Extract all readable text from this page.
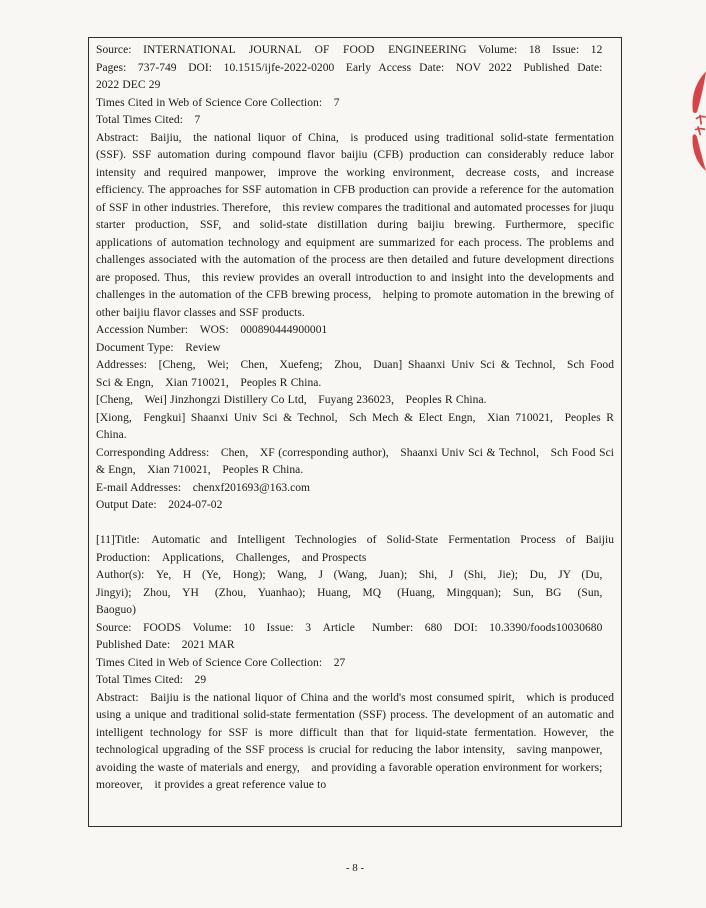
Source:  INTERNATIONAL JOURNAL OF FOOD ENGINEERING  Volume:  18  Issue:  12  Pages:  737-749  DOI:  10.1515/ijfe-2022-0200  Early Access Date:  NOV 2022  Published Date:  2022 DEC 29

Times Cited in Web of Science Core Collection:  7

Total Times Cited:  7

Abstract:  Baijiu,  the national liquor of China,  is produced using traditional solid-state fermentation (SSF). SSF automation during compound flavor baijiu (CFB) production can considerably reduce labor intensity and required manpower,  improve the working environment,  decrease costs,  and increase efficiency. The approaches for SSF automation in CFB production can provide a reference for the automation of SSF in other industries. Therefore,  this review compares the traditional and automated processes for jiuqu starter production,  SSF,  and solid-state distillation during baijiu brewing. Furthermore,  specific applications of automation technology and equipment are summarized for each process. The problems and challenges associated with the automation of the process are then detailed and future development directions are proposed. Thus,  this review provides an overall introduction to and insight into the developments and challenges in the automation of the CFB brewing process,  helping to promote automation in the brewing of other baijiu flavor classes and SSF products.

Accession Number:  WOS:  000890444900001

Document Type:  Review

Addresses:  [Cheng,  Wei;  Chen,  Xuefeng;  Zhou,  Duan] Shaanxi Univ Sci & Technol,  Sch Food Sci & Engn,  Xian 710021,  Peoples R China.

[Cheng,  Wei] Jinzhongzi Distillery Co Ltd,  Fuyang 236023,  Peoples R China.

[Xiong,  Fengkui] Shaanxi Univ Sci & Technol,  Sch Mech & Elect Engn,  Xian 710021,  Peoples R China.

Corresponding Address:  Chen,  XF (corresponding author),  Shaanxi Univ Sci & Technol,  Sch Food Sci & Engn,  Xian 710021,  Peoples R China.

E-mail Addresses:  chenxf201693@163.com

Output Date:  2024-07-02

[11]Title:  Automatic and Intelligent Technologies of Solid-State Fermentation Process of Baijiu Production:  Applications,  Challenges,  and Prospects

Author(s):  Ye,  H (Ye,  Hong);  Wang,  J (Wang,  Juan);  Shi,  J (Shi,  Jie);  Du,  JY (Du,  Jingyi);  Zhou,  YH (Zhou,  Yuanhao);  Huang,  MQ (Huang,  Mingquan);  Sun,  BG (Sun,  Baoguo)

Source:  FOODS  Volume:  10  Issue:  3  Article Number:  680  DOI:  10.3390/foods10030680  Published Date:  2021 MAR

Times Cited in Web of Science Core Collection:  27

Total Times Cited:  29

Abstract:  Baijiu is the national liquor of China and the world's most consumed spirit,  which is produced using a unique and traditional solid-state fermentation (SSF) process. The development of an automatic and intelligent technology for SSF is more difficult than that for liquid-state fermentation. However,  the technological upgrading of the SSF process is crucial for reducing the labor intensity,  saving manpower,  avoiding the waste of materials and energy,  and providing a favorable operation environment for workers;  moreover,  it provides a great reference value to

- 8 -
